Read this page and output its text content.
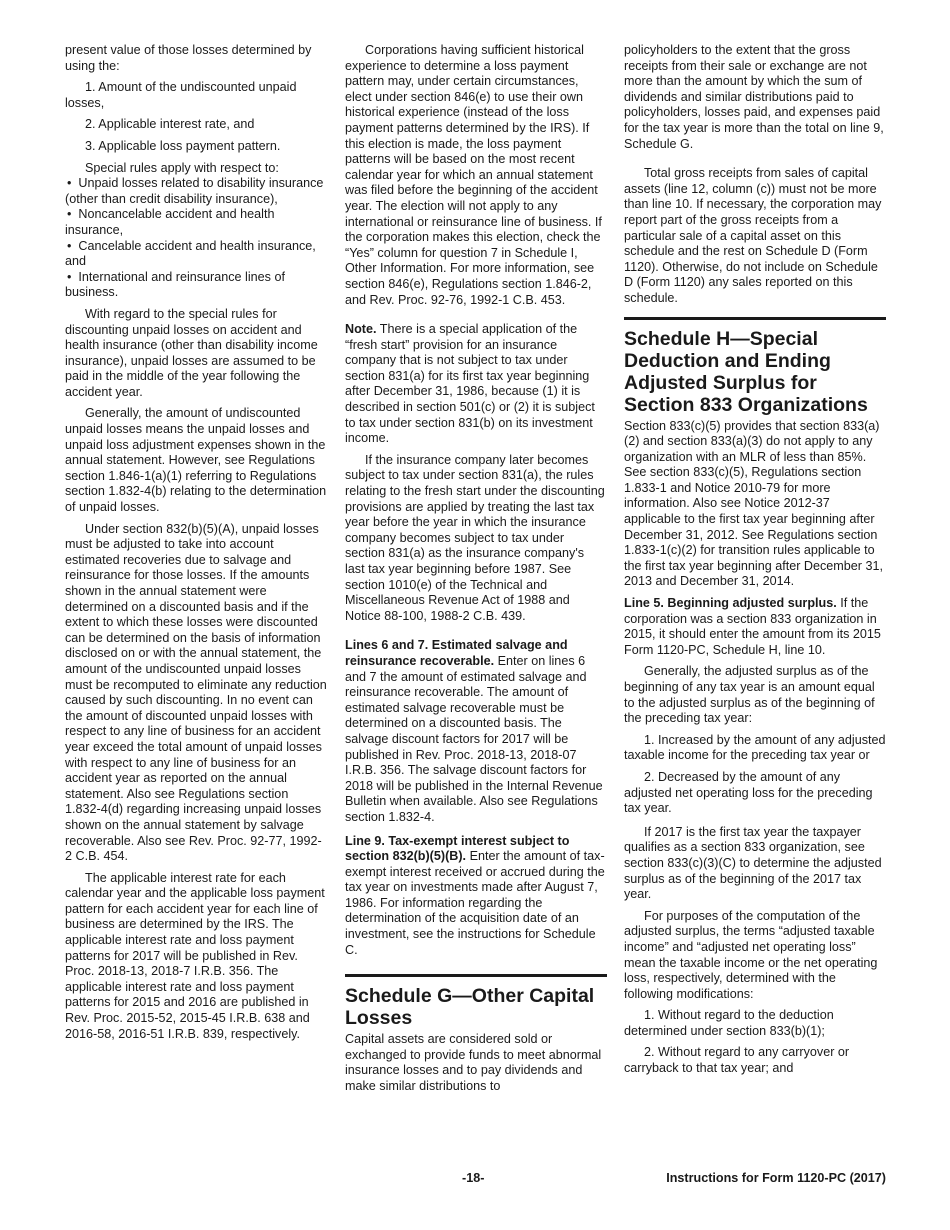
present value of those losses determined by using the:

1. Amount of the undiscounted unpaid losses,

2. Applicable interest rate, and

3. Applicable loss payment pattern.

Special rules apply with respect to:

• Unpaid losses related to disability insurance (other than credit disability insurance),

• Noncancelable accident and health insurance,

• Cancelable accident and health insurance, and

• International and reinsurance lines of business.

With regard to the special rules for discounting unpaid losses on accident and health insurance (other than disability income insurance), unpaid losses are assumed to be paid in the middle of the year following the accident year.

Generally, the amount of undiscounted unpaid losses means the unpaid losses and unpaid loss adjustment expenses shown in the annual statement. However, see Regulations section 1.846-1(a)(1) referring to Regulations section 1.832-4(b) relating to the determination of unpaid losses.

Under section 832(b)(5)(A), unpaid losses must be adjusted to take into account estimated recoveries due to salvage and reinsurance for those losses. If the amounts shown in the annual statement were determined on a discounted basis and if the extent to which these losses were discounted can be determined on the basis of information disclosed on or with the annual statement, the amount of the undiscounted unpaid losses must be recomputed to eliminate any reduction caused by such discounting. In no event can the amount of discounted unpaid losses with respect to any line of business for an accident year exceed the total amount of unpaid losses with respect to any line of business for an accident year as reported on the annual statement. Also see Regulations section 1.832-4(d) regarding increasing unpaid losses shown on the annual statement by salvage recoverable. Also see Rev. Proc. 92-77, 1992-2 C.B. 454.

The applicable interest rate for each calendar year and the applicable loss payment pattern for each accident year for each line of business are determined by the IRS. The applicable interest rate and loss payment patterns for 2017 will be published in Rev. Proc. 2018-13, 2018-7 I.R.B. 356. The applicable interest rate and loss payment patterns for 2015 and 2016 are published in Rev. Proc. 2015-52, 2015-45 I.R.B. 638 and 2016-58, 2016-51 I.R.B. 839, respectively.

Corporations having sufficient historical experience to determine a loss payment pattern may, under certain circumstances, elect under section 846(e) to use their own historical experience (instead of the loss payment patterns determined by the IRS). If this election is made, the loss payment patterns will be based on the most recent calendar year for which an annual statement was filed before the beginning of the accident year. The election will not apply to any international or reinsurance line of business. If the corporation makes this election, check the “Yes” column for question 7 in Schedule I, Other Information. For more information, see section 846(e), Regulations section 1.846-2, and Rev. Proc. 92-76, 1992-1 C.B. 453.

Note. There is a special application of the “fresh start” provision for an insurance company that is not subject to tax under section 831(a) for its first tax year beginning after December 31, 1986, because (1) it is described in section 501(c) or (2) it is subject to tax under section 831(b) on its investment income.

If the insurance company later becomes subject to tax under section 831(a), the rules relating to the fresh start under the discounting provisions are applied by treating the last tax year before the year in which the insurance company becomes subject to tax under section 831(a) as the insurance company's last tax year beginning before 1987. See section 1010(e) of the Technical and Miscellaneous Revenue Act of 1988 and Notice 88-100, 1988-2 C.B. 439.

Lines 6 and 7. Estimated salvage and reinsurance recoverable. Enter on lines 6 and 7 the amount of estimated salvage and reinsurance recoverable. The amount of estimated salvage recoverable must be determined on a discounted basis. The salvage discount factors for 2017 will be published in Rev. Proc. 2018-13, 2018-07 I.R.B. 356. The salvage discount factors for 2018 will be published in the Internal Revenue Bulletin when available. Also see Regulations section 1.832-4.

Line 9. Tax-exempt interest subject to section 832(b)(5)(B). Enter the amount of tax-exempt interest received or accrued during the tax year on investments made after August 7, 1986. For information regarding the determination of the acquisition date of an investment, see the instructions for Schedule C.

Schedule G—Other Capital Losses

Capital assets are considered sold or exchanged to provide funds to meet abnormal insurance losses and to pay dividends and make similar distributions to

policyholders to the extent that the gross receipts from their sale or exchange are not more than the amount by which the sum of dividends and similar distributions paid to policyholders, losses paid, and expenses paid for the tax year is more than the total on line 9, Schedule G.

Total gross receipts from sales of capital assets (line 12, column (c)) must not be more than line 10. If necessary, the corporation may report part of the gross receipts from a particular sale of a capital asset on this schedule and the rest on Schedule D (Form 1120). Otherwise, do not include on Schedule D (Form 1120) any sales reported on this schedule.

Schedule H—Special Deduction and Ending Adjusted Surplus for Section 833 Organizations

Section 833(c)(5) provides that section 833(a)(2) and section 833(a)(3) do not apply to any organization with an MLR of less than 85%. See section 833(c)(5), Regulations section 1.833-1 and Notice 2010-79 for more information. Also see Notice 2012-37 applicable to the first tax year beginning after December 31, 2012. See Regulations section 1.833-1(c)(2) for transition rules applicable to the first tax year beginning after December 31, 2013 and December 31, 2014.

Line 5. Beginning adjusted surplus. If the corporation was a section 833 organization in 2015, it should enter the amount from its 2015 Form 1120-PC, Schedule H, line 10.

Generally, the adjusted surplus as of the beginning of any tax year is an amount equal to the adjusted surplus as of the beginning of the preceding tax year:

1. Increased by the amount of any adjusted taxable income for the preceding tax year or

2. Decreased by the amount of any adjusted net operating loss for the preceding tax year.

If 2017 is the first tax year the taxpayer qualifies as a section 833 organization, see section 833(c)(3)(C) to determine the adjusted surplus as of the beginning of the 2017 tax year.

For purposes of the computation of the adjusted surplus, the terms “adjusted taxable income” and “adjusted net operating loss” mean the taxable income or the net operating loss, respectively, determined with the following modifications:

1. Without regard to the deduction determined under section 833(b)(1);

2. Without regard to any carryover or carryback to that tax year; and

-18-	Instructions for Form 1120-PC (2017)
